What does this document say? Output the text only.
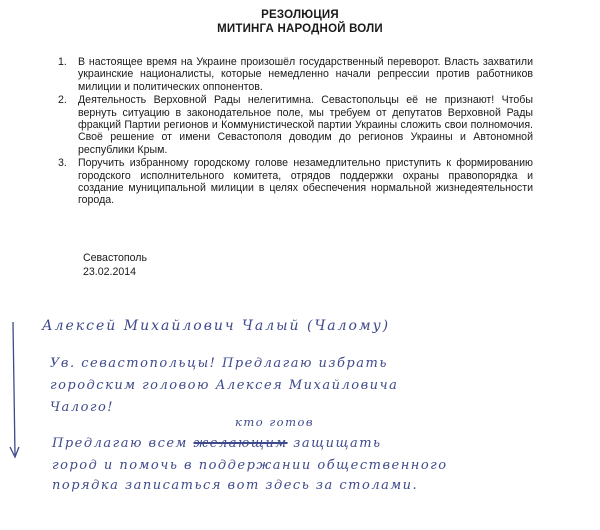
РЕЗОЛЮЦИЯ
МИТИНГА НАРОДНОЙ ВОЛИ
1. В настоящее время на Украине произошёл государственный переворот. Власть захватили украинские националисты, которые немедленно начали репрессии против работников милиции и политических оппонентов.
2. Деятельность Верховной Рады нелегитимна. Севастопольцы её не признают! Чтобы вернуть ситуацию в законодательное поле, мы требуем от депутатов Верховной Рады фракций Партии регионов и Коммунистической партии Украины сложить свои полномочия. Своё решение от имени Севастополя доводим до регионов Украины и Автономной республики Крым.
3. Поручить избранному городскому голове незамедлительно приступить к формированию городского исполнительного комитета, отрядов поддержки охраны правопорядка и создание муниципальной милиции в целях обеспечения нормальной жизнедеятельности города.
Севастополь
23.02.2014
Алексей Михайлович Чалый (Чалому)
Ув. севастопольцы! Предлагаю избрать
городским головою Алексея Михайловича
Чалого!
кто готов
Предлагаю всем желающим защищать
город и помочь в поддержании общественного
порядка записаться вот здесь за столами.
